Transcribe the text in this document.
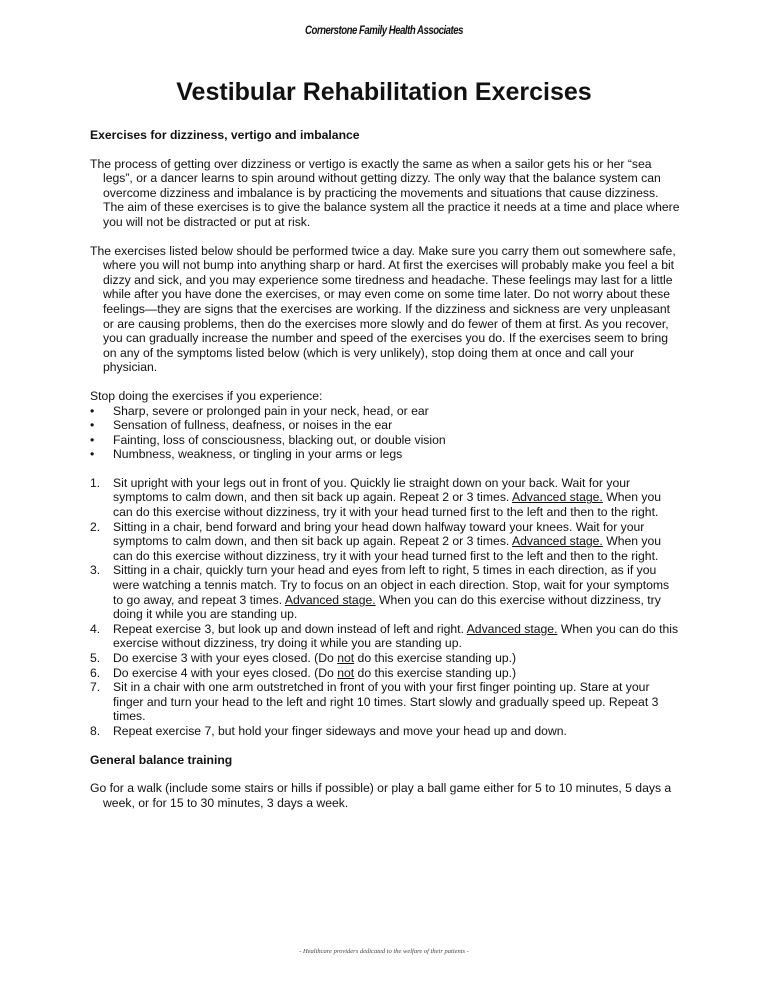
Cornerstone Family Health Associates
Vestibular Rehabilitation Exercises
Exercises for dizziness, vertigo and imbalance
The process of getting over dizziness or vertigo is exactly the same as when a sailor gets his or her “sea legs”, or a dancer learns to spin around without getting dizzy. The only way that the balance system can overcome dizziness and imbalance is by practicing the movements and situations that cause dizziness. The aim of these exercises is to give the balance system all the practice it needs at a time and place where you will not be distracted or put at risk.
The exercises listed below should be performed twice a day. Make sure you carry them out somewhere safe, where you will not bump into anything sharp or hard. At first the exercises will probably make you feel a bit dizzy and sick, and you may experience some tiredness and headache. These feelings may last for a little while after you have done the exercises, or may even come on some time later. Do not worry about these feelings—they are signs that the exercises are working. If the dizziness and sickness are very unpleasant or are causing problems, then do the exercises more slowly and do fewer of them at first. As you recover, you can gradually increase the number and speed of the exercises you do. If the exercises seem to bring on any of the symptoms listed below (which is very unlikely), stop doing them at once and call your physician.
Stop doing the exercises if you experience:
• Sharp, severe or prolonged pain in your neck, head, or ear
• Sensation of fullness, deafness, or noises in the ear
• Fainting, loss of consciousness, blacking out, or double vision
• Numbness, weakness, or tingling in your arms or legs
1. Sit upright with your legs out in front of you. Quickly lie straight down on your back. Wait for your symptoms to calm down, and then sit back up again. Repeat 2 or 3 times. Advanced stage. When you can do this exercise without dizziness, try it with your head turned first to the left and then to the right.
2. Sitting in a chair, bend forward and bring your head down halfway toward your knees. Wait for your symptoms to calm down, and then sit back up again. Repeat 2 or 3 times. Advanced stage. When you can do this exercise without dizziness, try it with your head turned first to the left and then to the right.
3. Sitting in a chair, quickly turn your head and eyes from left to right, 5 times in each direction, as if you were watching a tennis match. Try to focus on an object in each direction. Stop, wait for your symptoms to go away, and repeat 3 times. Advanced stage. When you can do this exercise without dizziness, try doing it while you are standing up.
4. Repeat exercise 3, but look up and down instead of left and right. Advanced stage. When you can do this exercise without dizziness, try doing it while you are standing up.
5. Do exercise 3 with your eyes closed. (Do not do this exercise standing up.)
6. Do exercise 4 with your eyes closed. (Do not do this exercise standing up.)
7. Sit in a chair with one arm outstretched in front of you with your first finger pointing up. Stare at your finger and turn your head to the left and right 10 times. Start slowly and gradually speed up. Repeat 3 times.
8. Repeat exercise 7, but hold your finger sideways and move your head up and down.
General balance training
Go for a walk (include some stairs or hills if possible) or play a ball game either for 5 to 10 minutes, 5 days a week, or for 15 to 30 minutes, 3 days a week.
- Healthcare providers dedicated to the welfare of their patients -
